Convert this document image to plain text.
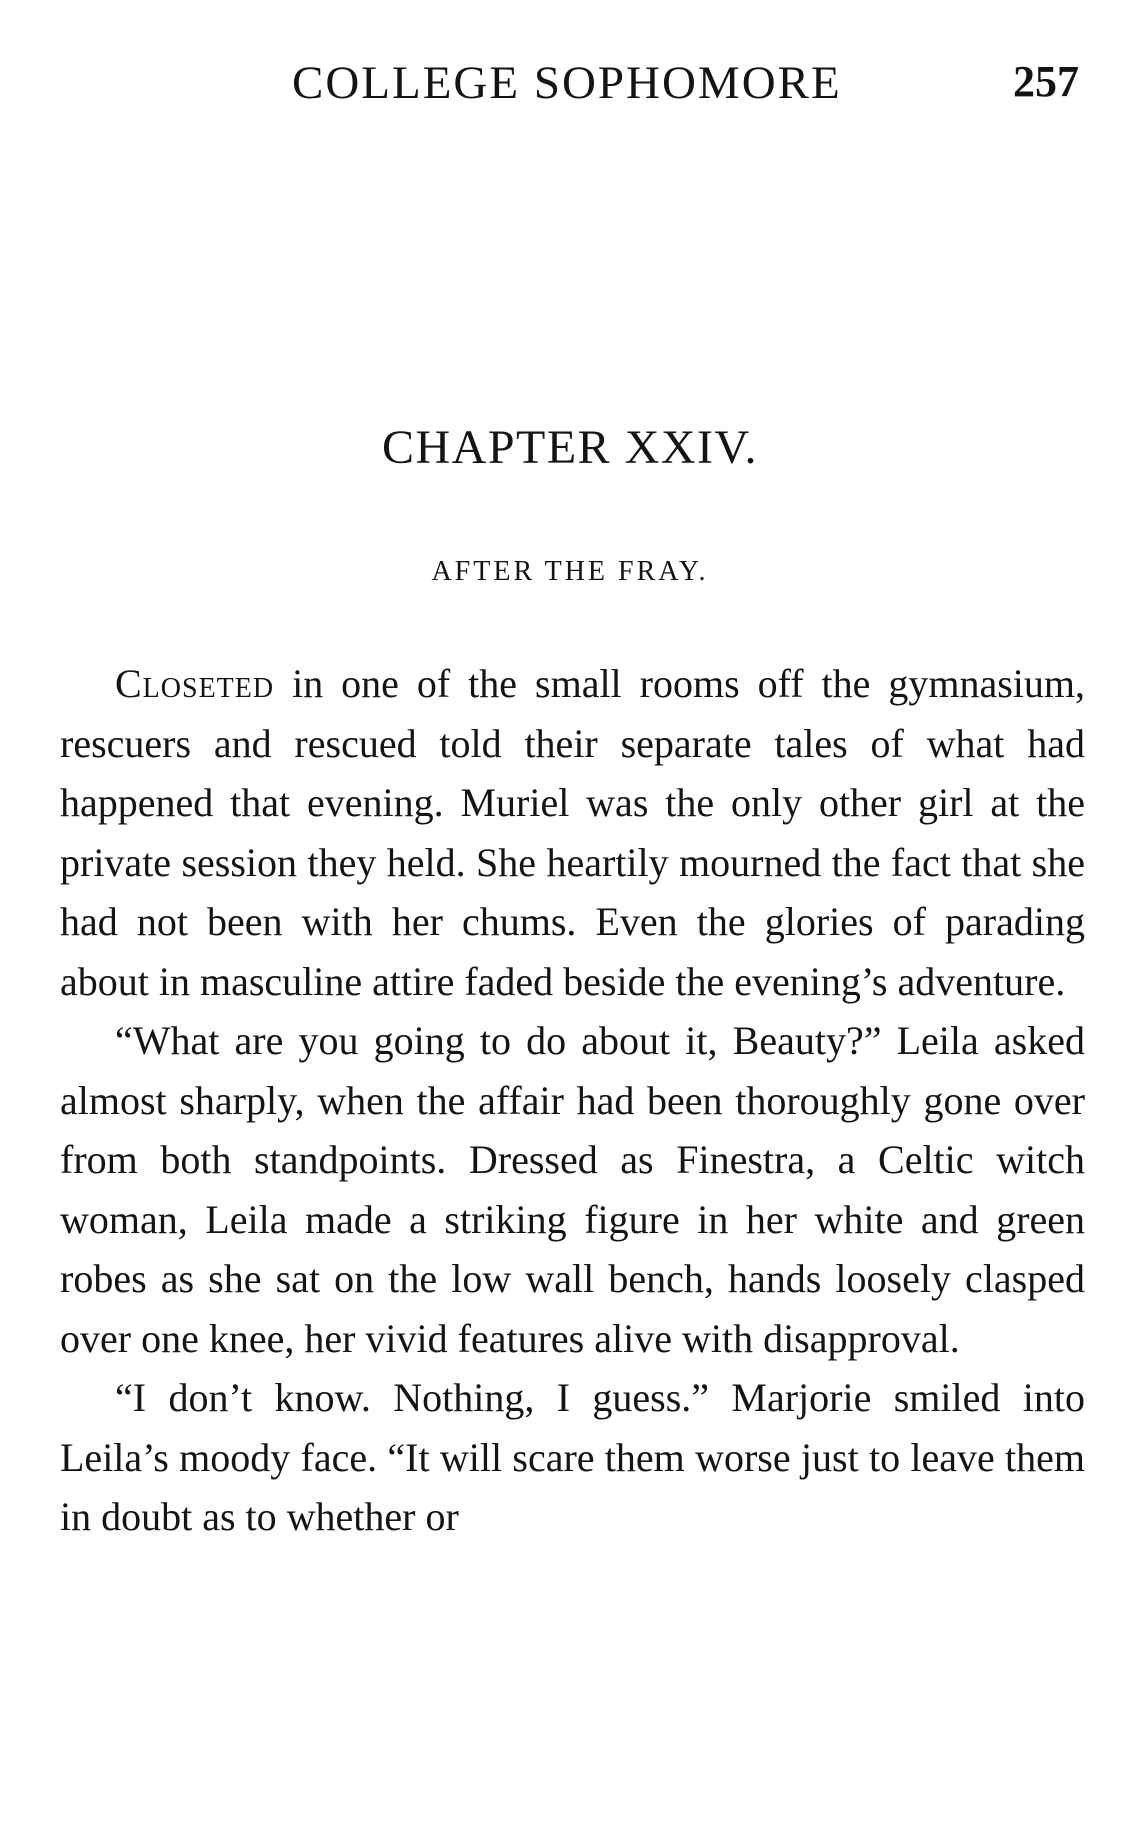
COLLEGE SOPHOMORE	257
CHAPTER XXIV.
AFTER THE FRAY.

Closeted in one of the small rooms off the gymnasium, rescuers and rescued told their separate tales of what had happened that evening. Muriel was the only other girl at the private session they held. She heartily mourned the fact that she had not been with her chums. Even the glories of parading about in masculine attire faded beside the evening’s adventure.

“What are you going to do about it, Beauty?” Leila asked almost sharply, when the affair had been thoroughly gone over from both standpoints. Dressed as Finestra, a Celtic witch woman, Leila made a striking figure in her white and green robes as she sat on the low wall bench, hands loosely clasped over one knee, her vivid features alive with disapproval.

“I don’t know. Nothing, I guess.” Marjorie smiled into Leila’s moody face. “It will scare them worse just to leave them in doubt as to whether or
